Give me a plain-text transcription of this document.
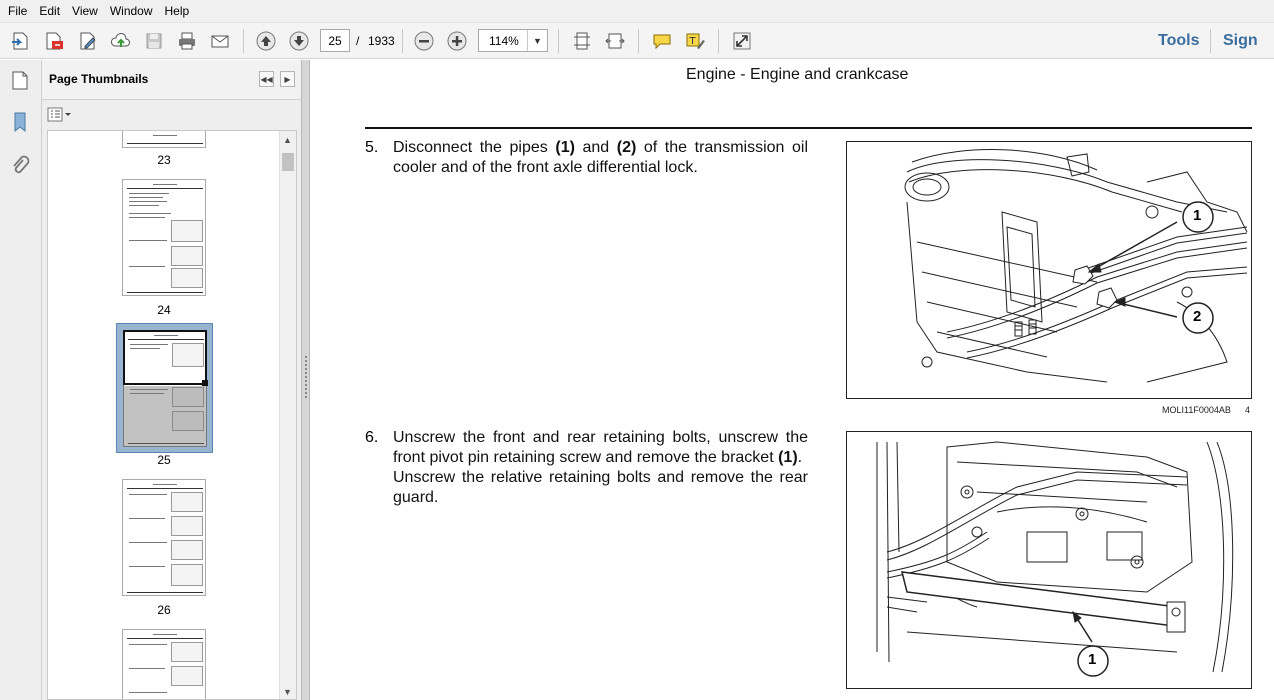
File	Edit	View	Window	Help
25
/ 1933	114%	▼	T	Tools Sign
Page Thumbnails	◀◀	▶
23
24
25
26
▲
▼
Engine - Engine and crankcase
5. Disconnect the pipes (1) and (2) of the transmission oil cooler and of the front axle differential lock.
1
2
MOLI11F0004AB 4
6. Unscrew the front and rear retaining bolts, unscrew the front pivot pin retaining screw and remove the bracket (1).
Unscrew the relative retaining bolts and remove the rear guard.
1
